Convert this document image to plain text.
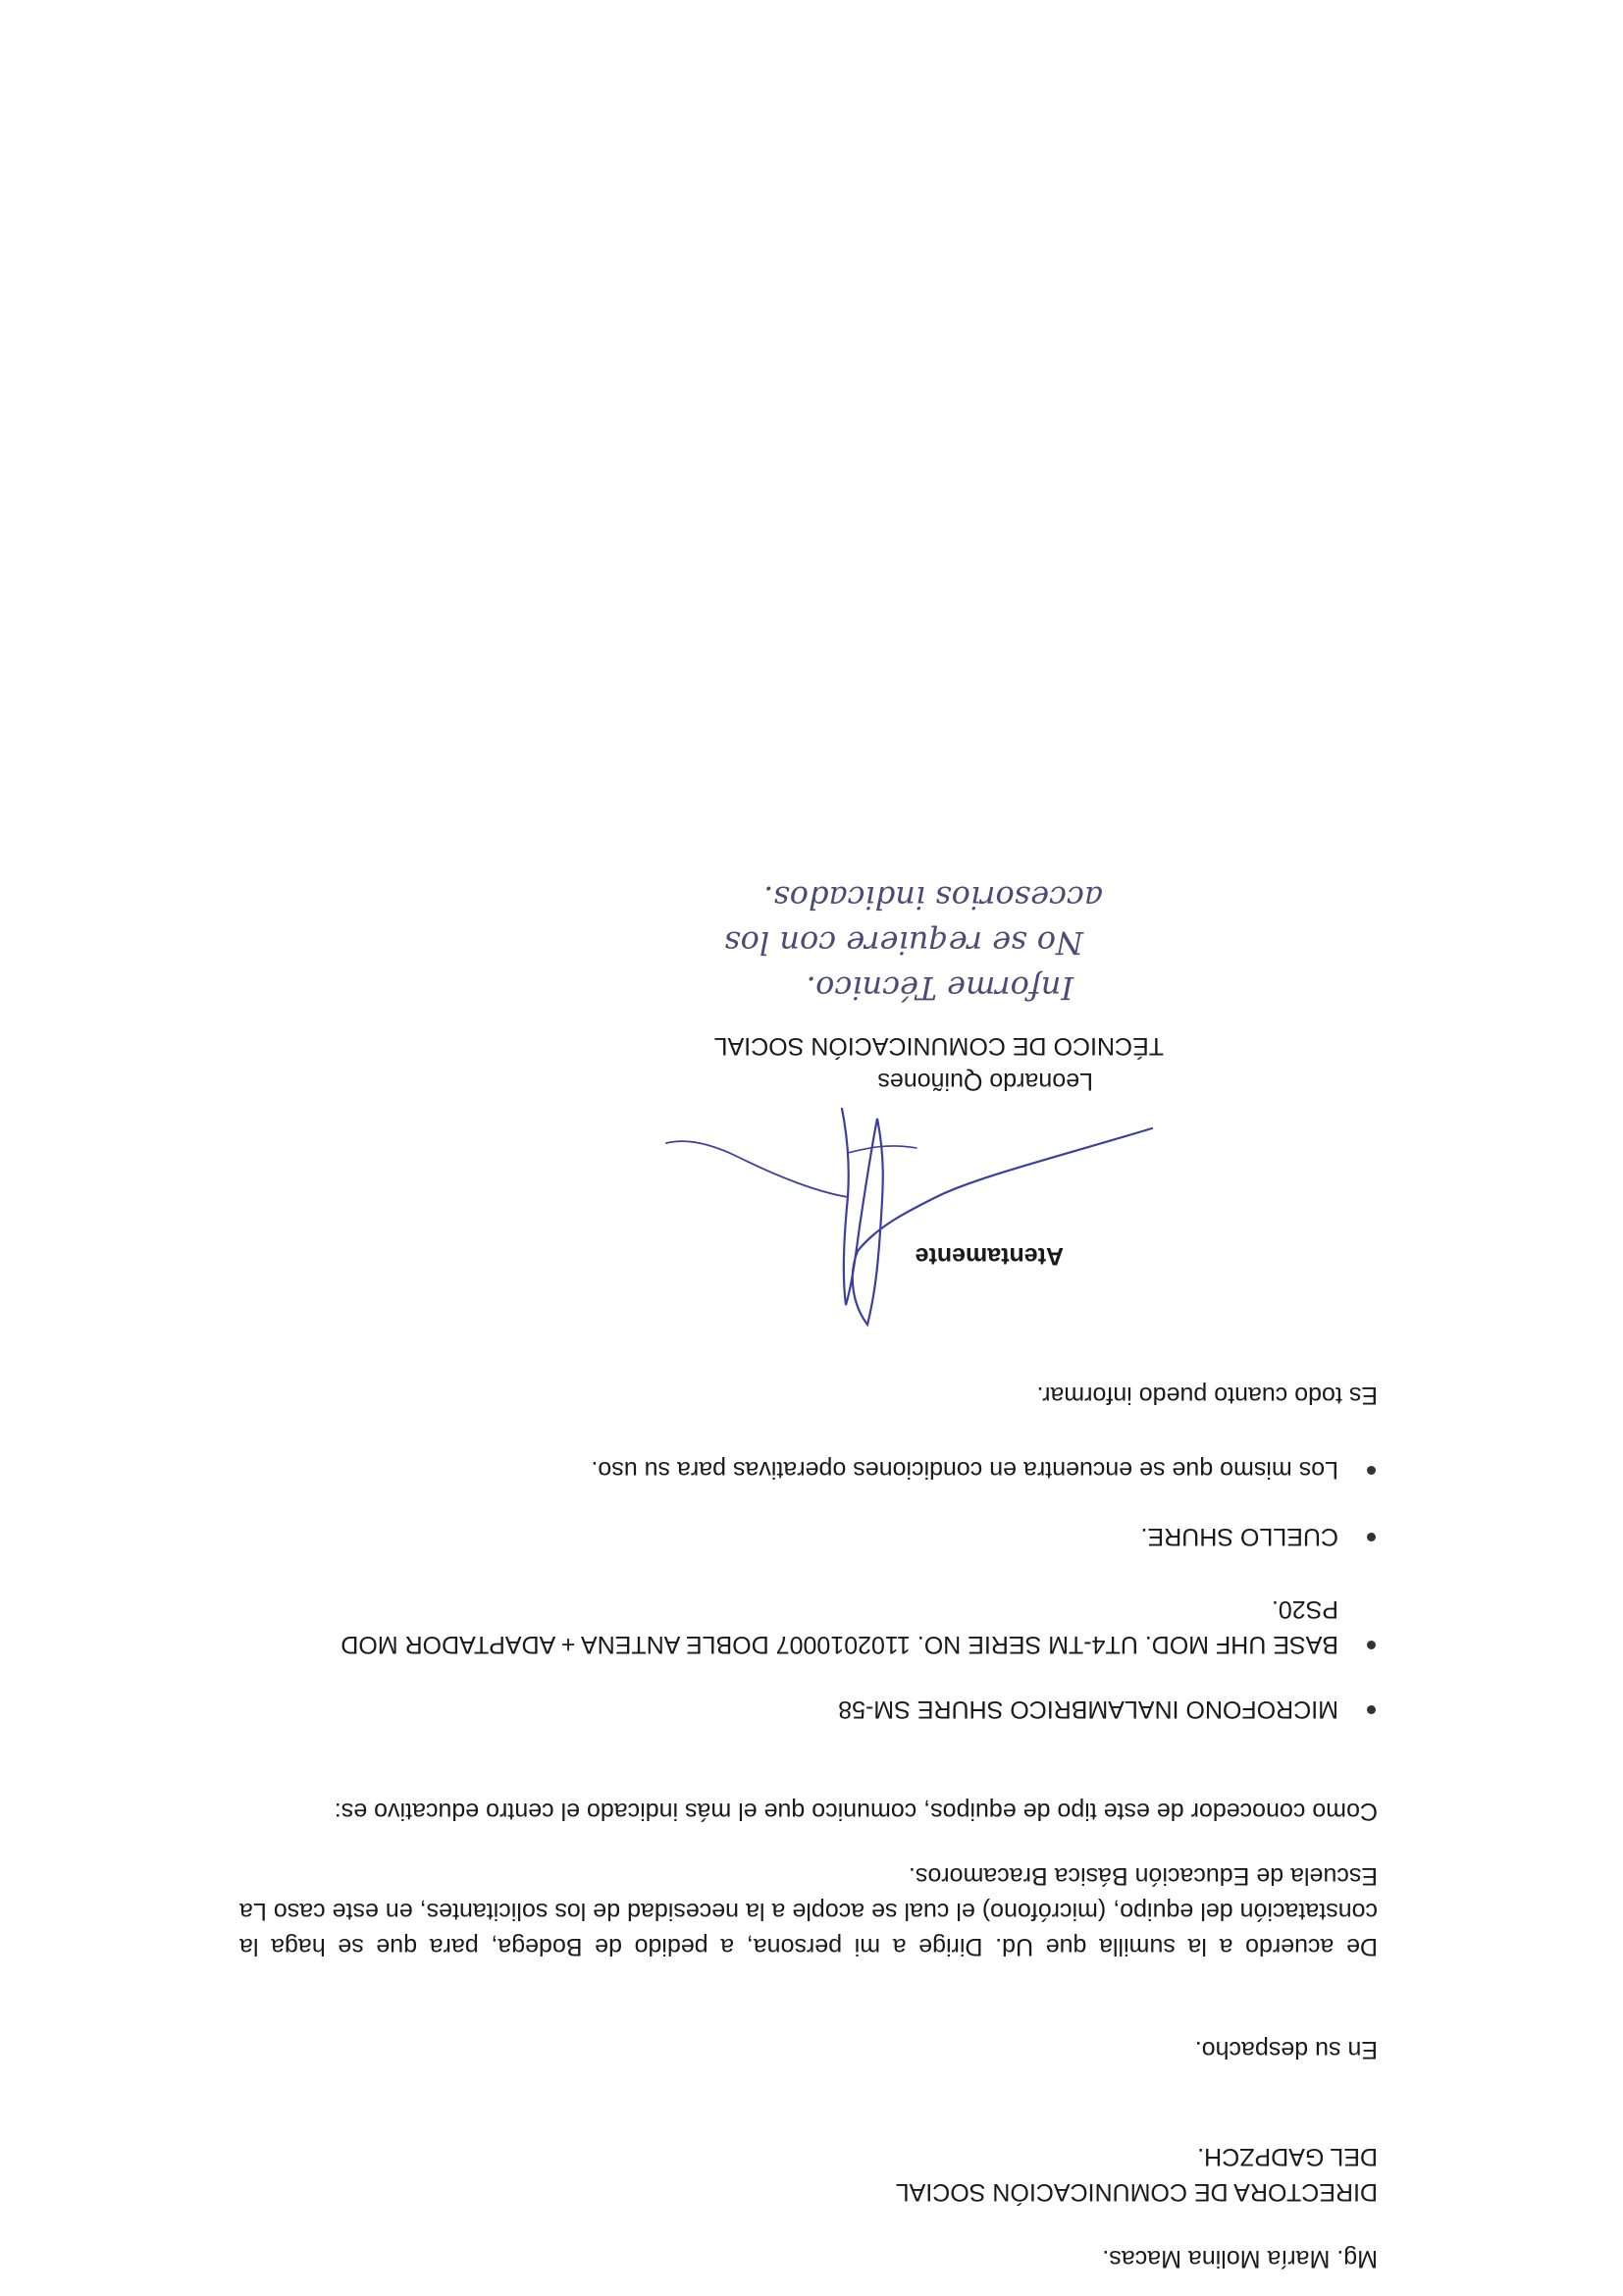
Mg. María Molina Macas.
DIRECTORA DE COMUNICACIÓN SOCIAL
DEL GADPZCH.
En su despacho.

De acuerdo a la sumilla que Ud. Dirige a mi persona, a pedido de Bodega, para que se haga la constatación del equipo, (micrófono) el cual se acople a la necesidad de los solicitantes, en este caso La Escuela de Educación Básica Bracamoros.

Como conocedor de este tipo de equipos, comunico que el más indicado el centro educativo es:

MICROFONO INALAMBRICO SHURE SM-58
BASE UHF MOD. UT4-TM SERIE NO. 1102010007 DOBLE ANTENA + ADAPTADOR MOD PS20.
CUELLO SHURE.
Los mismo que se encuentra en condiciones operativas para su uso.
Es todo cuanto puedo informar.
Atentamente
Leonardo Quiñones
TÉCNICO DE COMUNICACIÓN SOCIAL
Informe Técnico.
No se requiere con los
accesorios indicados.
